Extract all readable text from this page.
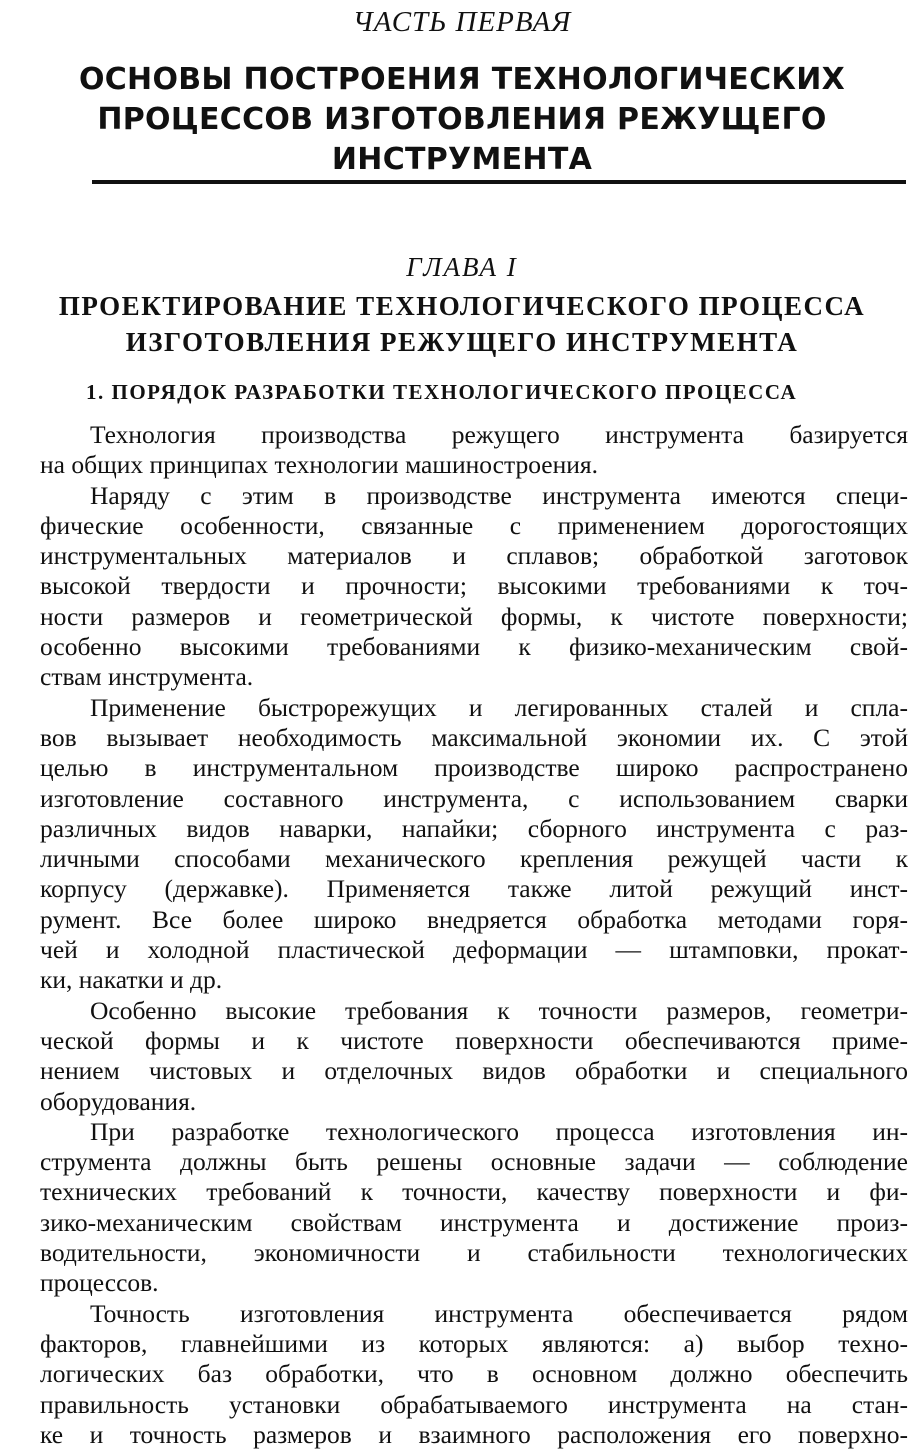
ЧАСТЬ ПЕРВАЯ
ОСНОВЫ ПОСТРОЕНИЯ ТЕХНОЛОГИЧЕСКИХ ПРОЦЕССОВ ИЗГОТОВЛЕНИЯ РЕЖУЩЕГО ИНСТРУМЕНТА
ГЛАВА I
ПРОЕКТИРОВАНИЕ ТЕХНОЛОГИЧЕСКОГО ПРОЦЕССА ИЗГОТОВЛЕНИЯ РЕЖУЩЕГО ИНСТРУМЕНТА
1. ПОРЯДОК РАЗРАБОТКИ ТЕХНОЛОГИЧЕСКОГО ПРОЦЕССА
Технология производства режущего инструмента базируется
на общих принципах технологии машиностроения.
Наряду с этим в производстве инструмента имеются специ-
фические особенности, связанные с применением дорогостоящих
инструментальных материалов и сплавов; обработкой заготовок
высокой твердости и прочности; высокими требованиями к точ-
ности размеров и геометрической формы, к чистоте поверхности;
особенно высокими требованиями к физико-механическим свой-
ствам инструмента.
Применение быстрорежущих и легированных сталей и спла-
вов вызывает необходимость максимальной экономии их. С этой
целью в инструментальном производстве широко распространено
изготовление составного инструмента, с использованием сварки
различных видов наварки, напайки; сборного инструмента с раз-
личными способами механического крепления режущей части к
корпусу (державке). Применяется также литой режущий инст-
румент. Все более широко внедряется обработка методами горя-
чей и холодной пластической деформации — штамповки, прокат-
ки, накатки и др.
Особенно высокие требования к точности размеров, геометри-
ческой формы и к чистоте поверхности обеспечиваются приме-
нением чистовых и отделочных видов обработки и специального
оборудования.
При разработке технологического процесса изготовления ин-
струмента должны быть решены основные задачи — соблюдение
технических требований к точности, качеству поверхности и фи-
зико-механическим свойствам инструмента и достижение произ-
водительности, экономичности и стабильности технологических
процессов.
Точность изготовления инструмента обеспечивается рядом
факторов, главнейшими из которых являются: а) выбор техно-
логических баз обработки, что в основном должно обеспечить
правильность установки обрабатываемого инструмента на стан-
ке и точность размеров и взаимного расположения его поверхно-
